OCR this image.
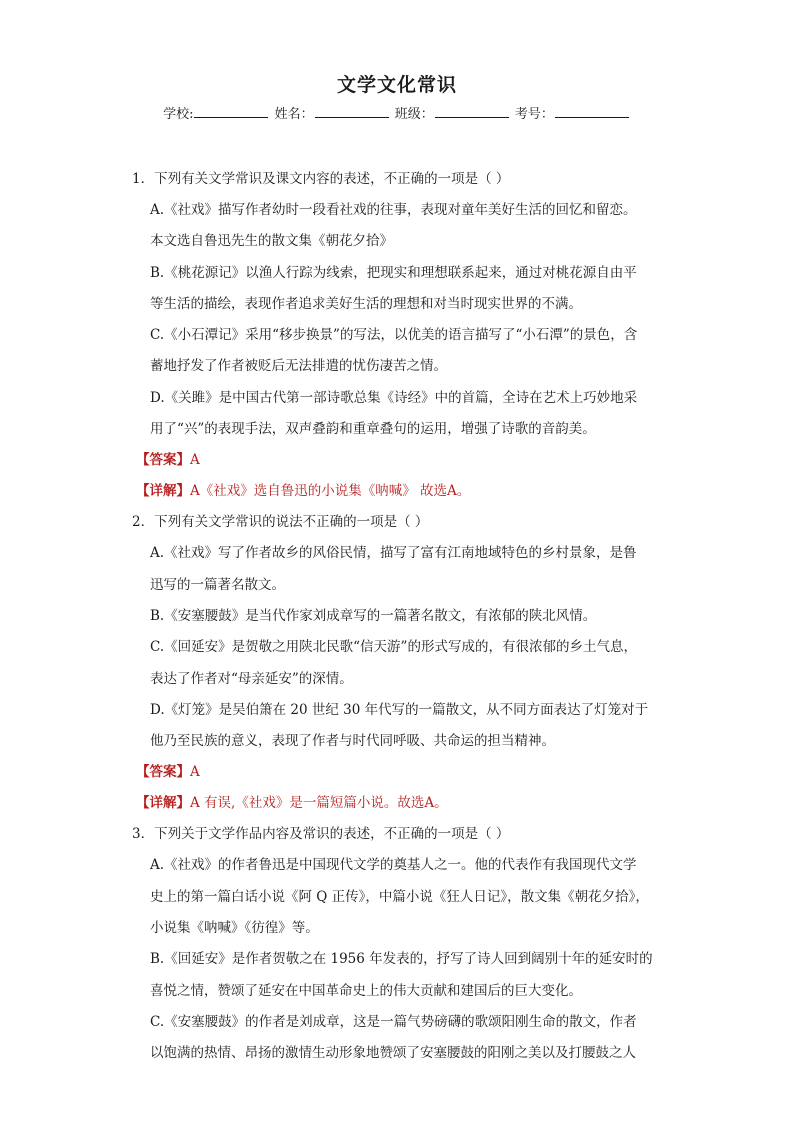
文学文化常识
学校:	姓名：	班级：	考号：
1．下列有关文学常识及课文内容的表述，不正确的一项是（ ）
A.《社戏》描写作者幼时一段看社戏的往事，表现对童年美好生活的回忆和留恋。
本文选自鲁迅先生的散文集《朝花夕拾》
B.《桃花源记》以渔人行踪为线索，把现实和理想联系起来，通过对桃花源自由平
等生活的描绘，表现作者追求美好生活的理想和对当时现实世界的不满。
C.《小石潭记》采用“移步换景”的写法，以优美的语言描写了“小石潭”的景色，含
蓄地抒发了作者被贬后无法排遣的忧伤凄苦之情。
D.《关雎》是中国古代第一部诗歌总集《诗经》中的首篇，全诗在艺术上巧妙地采
用了“兴”的表现手法，双声叠韵和重章叠句的运用，增强了诗歌的音韵美。
【答案】A
【详解】A《社戏》选自鲁迅的小说集《呐喊》 故选A。
2．下列有关文学常识的说法不正确的一项是（ ）
A.《社戏》写了作者故乡的风俗民情，描写了富有江南地域特色的乡村景象，是鲁
迅写的一篇著名散文。
B.《安塞腰鼓》是当代作家刘成章写的一篇著名散文，有浓郁的陕北风情。
C.《回延安》是贺敬之用陕北民歌“信天游”的形式写成的，有很浓郁的乡土气息，
表达了作者对“母亲延安”的深情。
D.《灯笼》是吴伯箫在 20 世纪 30 年代写的一篇散文，从不同方面表达了灯笼对于
他乃至民族的意义，表现了作者与时代同呼吸、共命运的担当精神。
【答案】A
【详解】A 有误,《社戏》是一篇短篇小说。故选A。
3．下列关于文学作品内容及常识的表述，不正确的一项是（ ）
A.《社戏》的作者鲁迅是中国现代文学的奠基人之一。他的代表作有我国现代文学
史上的第一篇白话小说《阿 Q 正传》，中篇小说《狂人日记》，散文集《朝花夕拾》，
小说集《呐喊》《彷徨》等。
B.《回延安》是作者贺敬之在 1956 年发表的，抒写了诗人回到阔别十年的延安时的
喜悦之情，赞颂了延安在中国革命史上的伟大贡献和建国后的巨大变化。
C.《安塞腰鼓》的作者是刘成章，这是一篇气势磅礴的歌颂阳刚生命的散文，作者
以饱满的热情、昂扬的激情生动形象地赞颂了安塞腰鼓的阳刚之美以及打腰鼓之人
